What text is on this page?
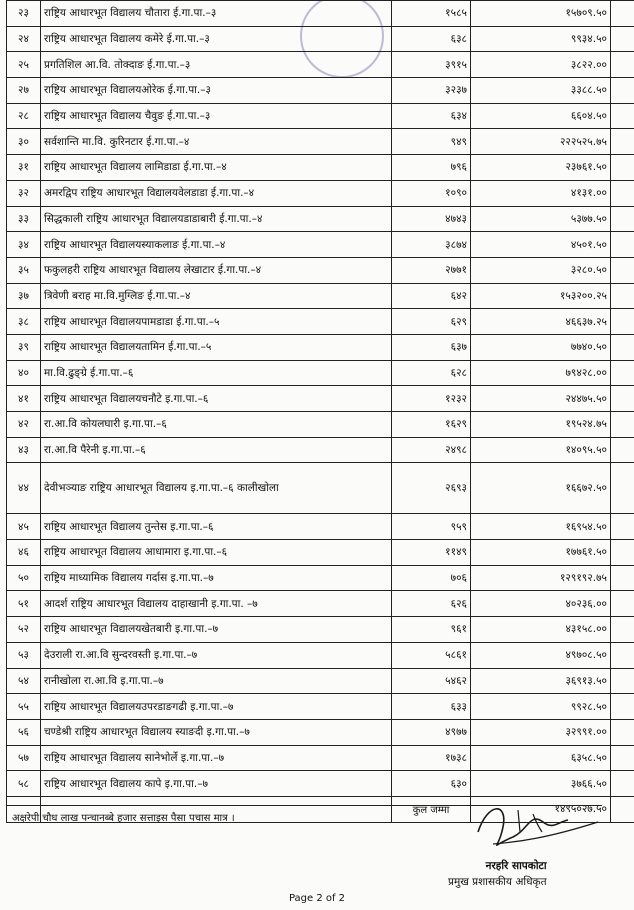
२३	राष्ट्रिय आधारभूत विद्यालय चौतारा ई.गा.पा.–३	१५८५	१५७०९.५०	
२४	राष्ट्रिय आधारभूत विद्यालय कमेरे ई.गा.पा.–३	६३८	९९३४.५०	
२५	प्रगतिशिल आ.वि. तोक्दाङ ई.गा.पा.–३	३९१५	३८२२.००	
२७	राष्ट्रिय आधारभूत विद्यालयओरेक ई.गा.पा.–३	३२३७	३३८८.५०	
२८	राष्ट्रिय आधारभूत विद्यालय चैवुङ ई.गा.पा.–३	६३४	६६०४.५०	
३०	सर्वशान्ति मा.वि. कुरिनटार ई.गा.पा.–४	९४९	२२२५२५.७५	
३१	राष्ट्रिय आधारभूत विद्यालय लामिडाडा ई.गा.पा.–४	७९६	२३७६१.५०	
३२	अमरद्विप राष्ट्रिय आधारभूत विद्यालयवेलडाडा ई.गा.पा.–४	१०९०	४१३१.००	
३३	सिद्धकाली राष्ट्रिय आधारभूत विद्यालयडाडाबारी ई.गा.पा.–४	४७४३	५३७७.५०	
३४	राष्ट्रिय आधारभूत विद्यालयस्याकलाङ ई.गा.पा.–४	३८७४	४५०१.५०	
३५	फकुलहरी राष्ट्रिय आधारभूत विद्यालय लेखाटार ई.गा.पा.–४	२७७१	३२८०.५०	
३७	त्रिवेणी बराह मा.वि.मुग्लिङ ई.गा.पा.–४	६४२	१५३२००.२५	
३८	राष्ट्रिय आधारभूत विद्यालयपामडाडा ई.गा.पा.–५	६२९	४६६३७.२५	
३९	राष्ट्रिय आधारभूत विद्यालयतामिन ई.गा.पा.–५	६३७	७७४०.५०	
४०	मा.वि.ढुङ्ग्रे ई.गा.पा.–६	६२८	७९४२८.००	
४१	राष्ट्रिय आधारभूत विद्यालयचनौटे इ.गा.पा.–६	१२३२	२४४७५.५०	
४२	रा.आ.वि कोयलघारी इ.गा.पा.–६	१६२९	१९५२४.७५	
४३	रा.आ.वि पैरेनी इ.गा.पा.–६	२४९८	१४०९५.५०	
४४	देवीभञ्याङ राष्ट्रिय आधारभूत विद्यालय इ.गा.पा.–६ कालीखोला	२६९३	१६६७२.५०	
४५	राष्ट्रिय आधारभूत विद्यालय तुन्तेस इ.गा.पा.–६	९५९	१६९५४.५०	
४६	राष्ट्रिय आधारभूत विद्यालय आधामारा इ.गा.पा.–६	११४९	१७७६१.५०	
५०	राष्ट्रिय माध्यामिक विद्यालय गर्दास इ.गा.पा.–७	७०६	१२९१९२.७५	
५१	आदर्श राष्ट्रिय आधारभूत विद्यालय दाहाखानी इ.गा.पा. –७	६२६	४०२३६.००	
५२	राष्ट्रिय आधारभूत विद्यालयखेतबारी इ.गा.पा.–७	९६१	४३१५८.००	
५३	देउराली रा.आ.वि सुन्दरवस्ती इ.गा.पा.–७	५८६१	४९७०८.५०	
५४	रानीखोला रा.आ.वि इ.गा.पा.–७	५४६२	३६९१३.५०	
५५	राष्ट्रिय आधारभूत विद्यालयउपरडाङगढी इ.गा.पा.–७	६३३	९९२८.५०	
५६	चण्डेश्री राष्ट्रिय आधारभूत विद्यालय स्याङदी इ.गा.पा.–७	४९७७	३२९९१.००	
५७	राष्ट्रिय आधारभूत विद्यालय सानेभोर्ले इ.गा.पा.–७	१७३८	६३५८.५०	
५८	राष्ट्रिय आधारभूत विद्यालय कापे इ.गा.पा.–७	६३०	३७६६.५०	
		कुल जम्मा	१४९५०२७.५०	
अक्षरेपी चौध लाख पन्चानब्बे हजार सत्ताइस पैसा पचास मात्र ।
नरहरि सापकोटा
प्रमुख प्रशासकीय अधिकृत
Page 2 of 2
